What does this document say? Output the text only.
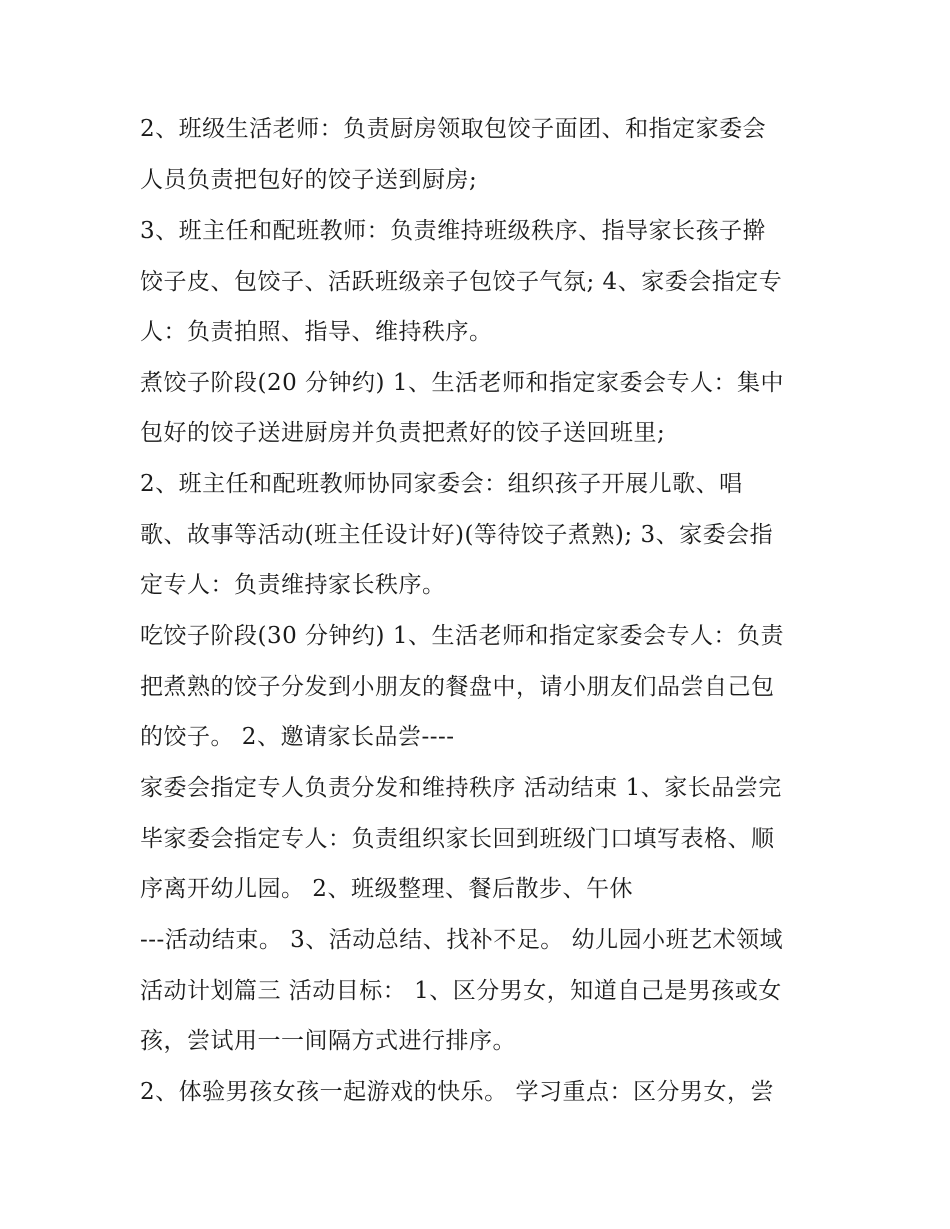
2、班级生活老师：负责厨房领取包饺子面团、和指定家委会
人员负责把包好的饺子送到厨房;
3、班主任和配班教师：负责维持班级秩序、指导家长孩子擀
饺子皮、包饺子、活跃班级亲子包饺子气氛; 4、家委会指定专
人：负责拍照、指导、维持秩序。
煮饺子阶段(20 分钟约) 1、生活老师和指定家委会专人：集中
包好的饺子送进厨房并负责把煮好的饺子送回班里;
2、班主任和配班教师协同家委会：组织孩子开展儿歌、唱
歌、故事等活动(班主任设计好)(等待饺子煮熟); 3、家委会指
定专人：负责维持家长秩序。
吃饺子阶段(30 分钟约) 1、生活老师和指定家委会专人：负责
把煮熟的饺子分发到小朋友的餐盘中，请小朋友们品尝自己包
的饺子。 2、邀请家长品尝----
家委会指定专人负责分发和维持秩序 活动结束 1、家长品尝完
毕家委会指定专人：负责组织家长回到班级门口填写表格、顺
序离开幼儿园。 2、班级整理、餐后散步、午休
---活动结束。 3、活动总结、找补不足。 幼儿园小班艺术领域
活动计划篇三 活动目标： 1、区分男女，知道自己是男孩或女
孩，尝试用一一间隔方式进行排序。
2、体验男孩女孩一起游戏的快乐。 学习重点：区分男女，尝
